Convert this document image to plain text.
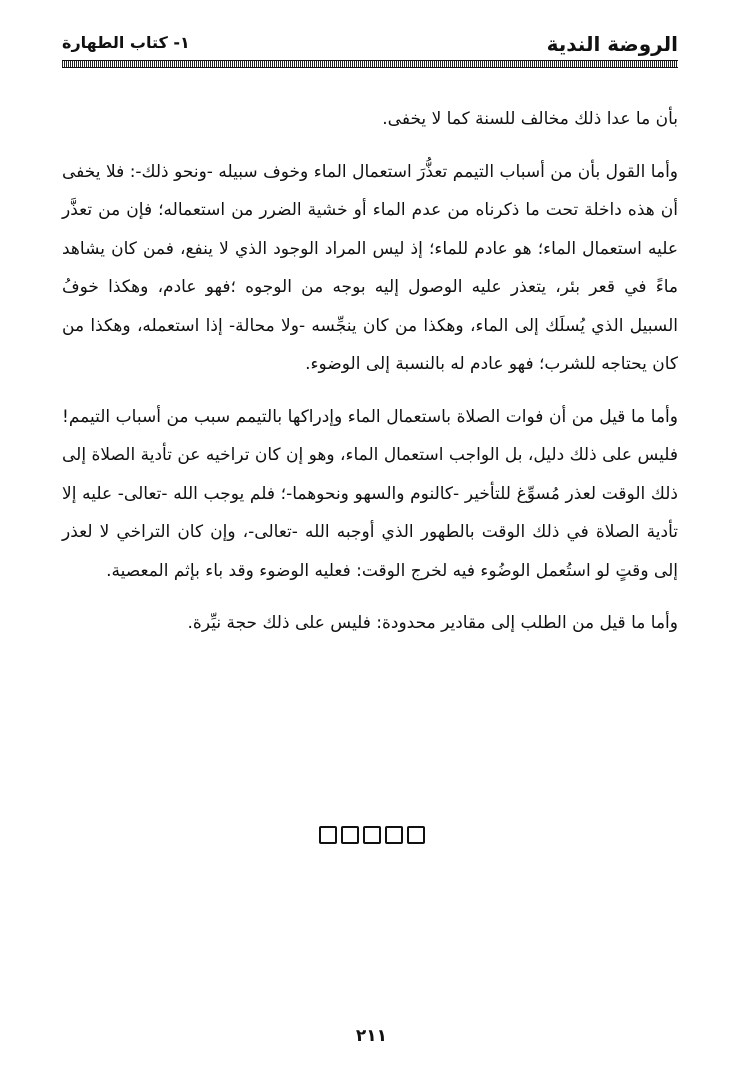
الروضة الندية
١- كتاب الطهارة

بأن ما عدا ذلك مخالف للسنة كما لا يخفى.

وأما القول بأن من أسباب التيمم تعذُّرَ استعمال الماء وخوف سبيله -ونحو ذلك-: فلا يخفى أن هذه داخلة تحت ما ذكرناه من عدم الماء أو خشية الضرر من استعماله؛ فإن من تعذَّر عليه استعمال الماء؛ هو عادم للماء؛ إذ ليس المراد الوجود الذي لا ينفع، فمن كان يشاهد ماءً في قعر بئر، يتعذر عليه الوصول إليه بوجه من الوجوه ؛فهو عادم، وهكذا خوفُ السبيل الذي يُسلَك إلى الماء، وهكذا من كان ينجِّسه -ولا محالة- إذا استعمله، وهكذا من كان يحتاجه للشرب؛ فهو عادم له بالنسبة إلى الوضوء.

وأما ما قيل من أن فوات الصلاة باستعمال الماء وإدراكها بالتيمم سبب من أسباب التيمم! فليس على ذلك دليل، بل الواجب استعمال الماء، وهو إن كان تراخيه عن تأدية الصلاة إلى ذلك الوقت لعذر مُسوِّغ للتأخير -كالنوم والسهو ونحوهما-؛ فلم يوجب الله -تعالى- عليه إلا تأدية الصلاة في ذلك الوقت بالطهور الذي أوجبه الله -تعالى-، وإن كان التراخي لا لعذر إلى وقتٍ لو استُعمل الوضُوء فيه لخرج الوقت: فعليه الوضوء وقد باء بإثم المعصية.

وأما ما قيل من الطلب إلى مقادير محدودة: فليس على ذلك حجة نيِّرة.

٢١١
